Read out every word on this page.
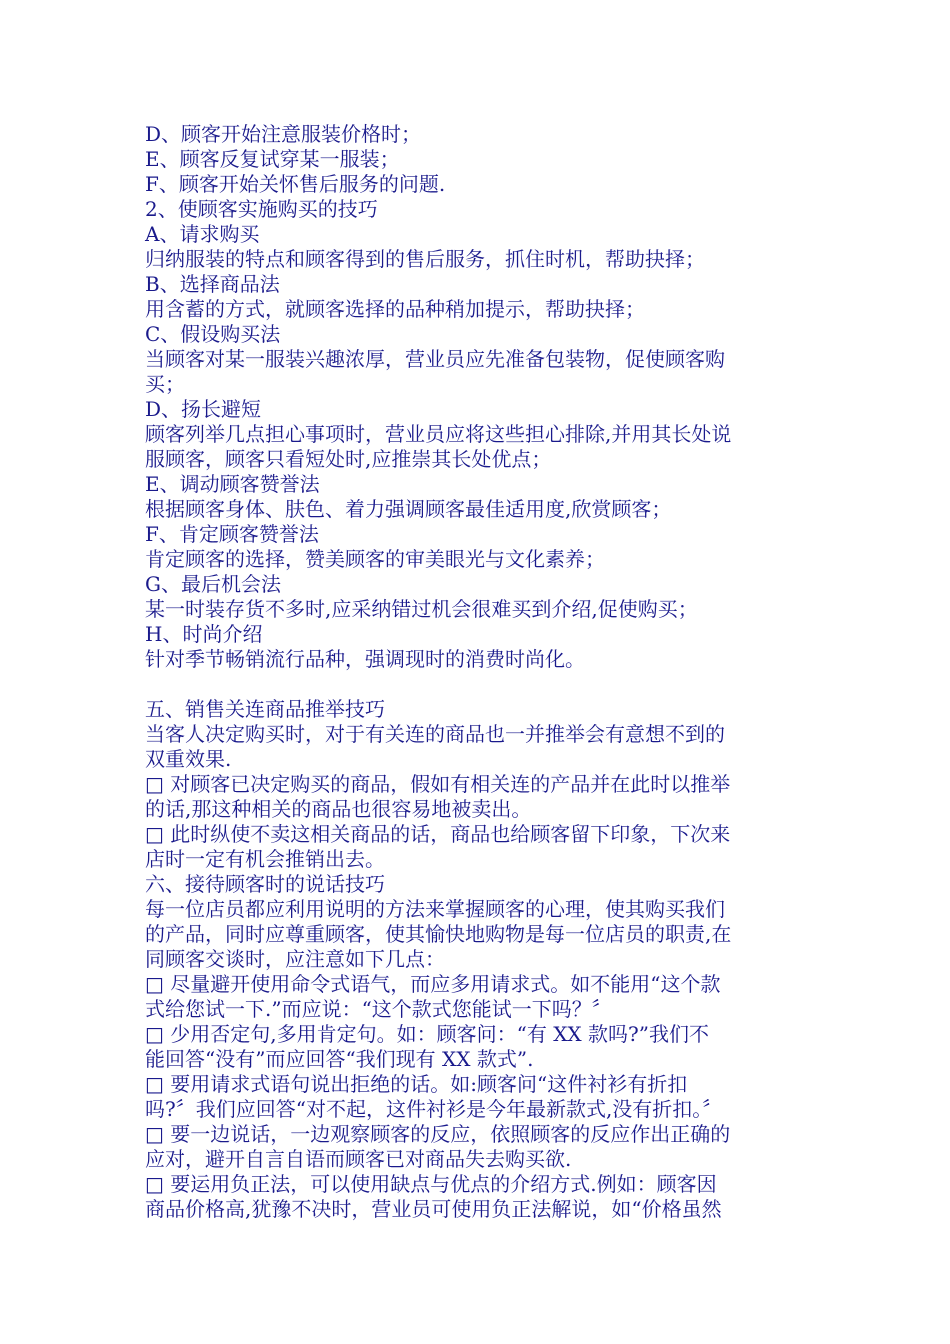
D、顾客开始注意服装价格时；
E、顾客反复试穿某一服装；
F、顾客开始关怀售后服务的问题.
2、使顾客实施购买的技巧
A、请求购买
归纳服装的特点和顾客得到的售后服务，抓住时机，帮助抉择；
B、选择商品法
用含蓄的方式，就顾客选择的品种稍加提示，帮助抉择；
C、假设购买法
当顾客对某一服装兴趣浓厚，营业员应先准备包装物，促使顾客购
买；
D、扬长避短
顾客列举几点担心事项时，营业员应将这些担心排除,并用其长处说
服顾客，顾客只看短处时,应推崇其长处优点；
E、调动顾客赞誉法
根据顾客身体、肤色、着力强调顾客最佳适用度,欣赏顾客；
F、肯定顾客赞誉法
肯定顾客的选择，赞美顾客的审美眼光与文化素养；
G、最后机会法
某一时装存货不多时,应采纳错过机会很难买到介绍,促使购买；
H、时尚介绍
针对季节畅销流行品种，强调现时的消费时尚化。
五、销售关连商品推举技巧
当客人决定购买时，对于有关连的商品也一并推举会有意想不到的
双重效果.
□ 对顾客已决定购买的商品，假如有相关连的产品并在此时以推举
的话,那这种相关的商品也很容易地被卖出。
□ 此时纵使不卖这相关商品的话，商品也给顾客留下印象，下次来
店时一定有机会推销出去。
六、接待顾客时的说话技巧
每一位店员都应利用说明的方法来掌握顾客的心理，使其购买我们
的产品，同时应尊重顾客，使其愉快地购物是每一位店员的职责,在
同顾客交谈时，应注意如下几点：
□ 尽量避开使用命令式语气，而应多用请求式。如不能用“这个款
式给您试一下.”而应说：“这个款式您能试一下吗？〞
□ 少用否定句,多用肯定句。如：顾客问：“有 XX 款吗?”我们不
能回答“没有”而应回答“我们现有 XX 款式”.
□ 要用请求式语句说出拒绝的话。如:顾客问“这件衬衫有折扣
吗?〞我们应回答“对不起，这件衬衫是今年最新款式,没有折扣。〞
□ 要一边说话，一边观察顾客的反应，依照顾客的反应作出正确的
应对，避开自言自语而顾客已对商品失去购买欲.
□ 要运用负正法，可以使用缺点与优点的介绍方式.例如：顾客因
商品价格高,犹豫不决时，营业员可使用负正法解说，如“价格虽然
